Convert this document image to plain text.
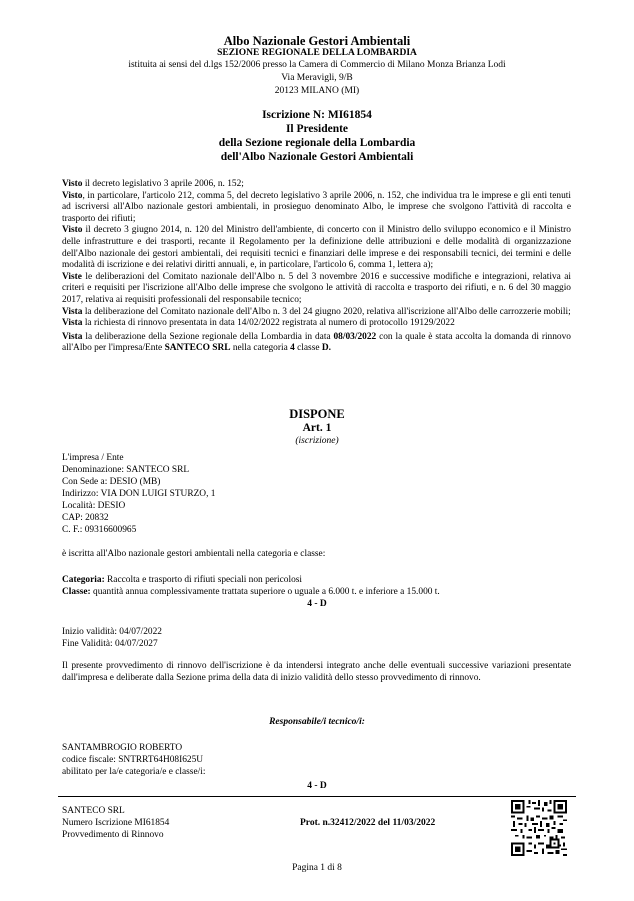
Albo Nazionale Gestori Ambientali
SEZIONE REGIONALE DELLA LOMBARDIA
istituita ai sensi del d.lgs 152/2006 presso la Camera di Commercio di Milano Monza Brianza Lodi
Via Meravigli, 9/B
20123 MILANO (MI)
Iscrizione N: MI61854
Il Presidente
della Sezione regionale della Lombardia
dell'Albo Nazionale Gestori Ambientali

Visto il decreto legislativo 3 aprile 2006, n. 152;

Visto, in particolare, l'articolo 212, comma 5, del decreto legislativo 3 aprile 2006, n. 152, che individua tra le imprese e gli enti tenuti ad iscriversi all'Albo nazionale gestori ambientali, in prosieguo denominato Albo, le imprese che svolgono l'attività di raccolta e trasporto dei rifiuti;

Visto il decreto 3 giugno 2014, n. 120 del Ministro dell'ambiente, di concerto con il Ministro dello sviluppo economico e il Ministro delle infrastrutture e dei trasporti, recante il Regolamento per la definizione delle attribuzioni e delle modalità di organizzazione dell'Albo nazionale dei gestori ambientali, dei requisiti tecnici e finanziari delle imprese e dei responsabili tecnici, dei termini e delle modalità di iscrizione e dei relativi diritti annuali, e, in particolare, l'articolo 6, comma 1, lettera a);

Viste le deliberazioni del Comitato nazionale dell'Albo n. 5 del 3 novembre 2016 e successive modifiche e integrazioni, relativa ai criteri e requisiti per l'iscrizione all'Albo delle imprese che svolgono le attività di raccolta e trasporto dei rifiuti, e n. 6 del 30 maggio 2017, relativa ai requisiti professionali del responsabile tecnico;

Vista la deliberazione del Comitato nazionale dell'Albo n. 3 del 24 giugno 2020, relativa all'iscrizione all'Albo delle carrozzerie mobili;

Vista la richiesta di rinnovo presentata in data 14/02/2022 registrata al numero di protocollo 19129/2022

Vista la deliberazione della Sezione regionale della Lombardia in data 08/03/2022 con la quale è stata accolta la domanda di rinnovo all'Albo per l'impresa/Ente SANTECO SRL nella categoria 4 classe D.

DISPONE
Art. 1
(iscrizione)

L'impresa / Ente

Denominazione: SANTECO SRL

Con Sede a: DESIO (MB)

Indirizzo: VIA DON LUIGI STURZO, 1

Località: DESIO

CAP: 20832

C. F.: 09316600965

è iscritta all'Albo nazionale gestori ambientali nella categoria e classe:

Categoria: Raccolta e trasporto di rifiuti speciali non pericolosi

Classe: quantità annua complessivamente trattata superiore o uguale a 6.000 t. e inferiore a 15.000 t.

4 - D

Inizio validità: 04/07/2022

Fine Validità: 04/07/2027

Il presente provvedimento di rinnovo dell'iscrizione è da intendersi integrato anche delle eventuali successive variazioni presentate dall'impresa e deliberate dalla Sezione prima della data di inizio validità dello stesso provvedimento di rinnovo.
Responsabile/i tecnico/i:

SANTAMBROGIO ROBERTO

codice fiscale: SNTRRT64H08I625U

abilitato per la/e categoria/e e classe/i:

4 - D

SANTECO SRL

Numero Iscrizione MI61854

Provvedimento di Rinnovo

Prot. n.32412/2022 del 11/03/2022
Pagina 1 di 8
